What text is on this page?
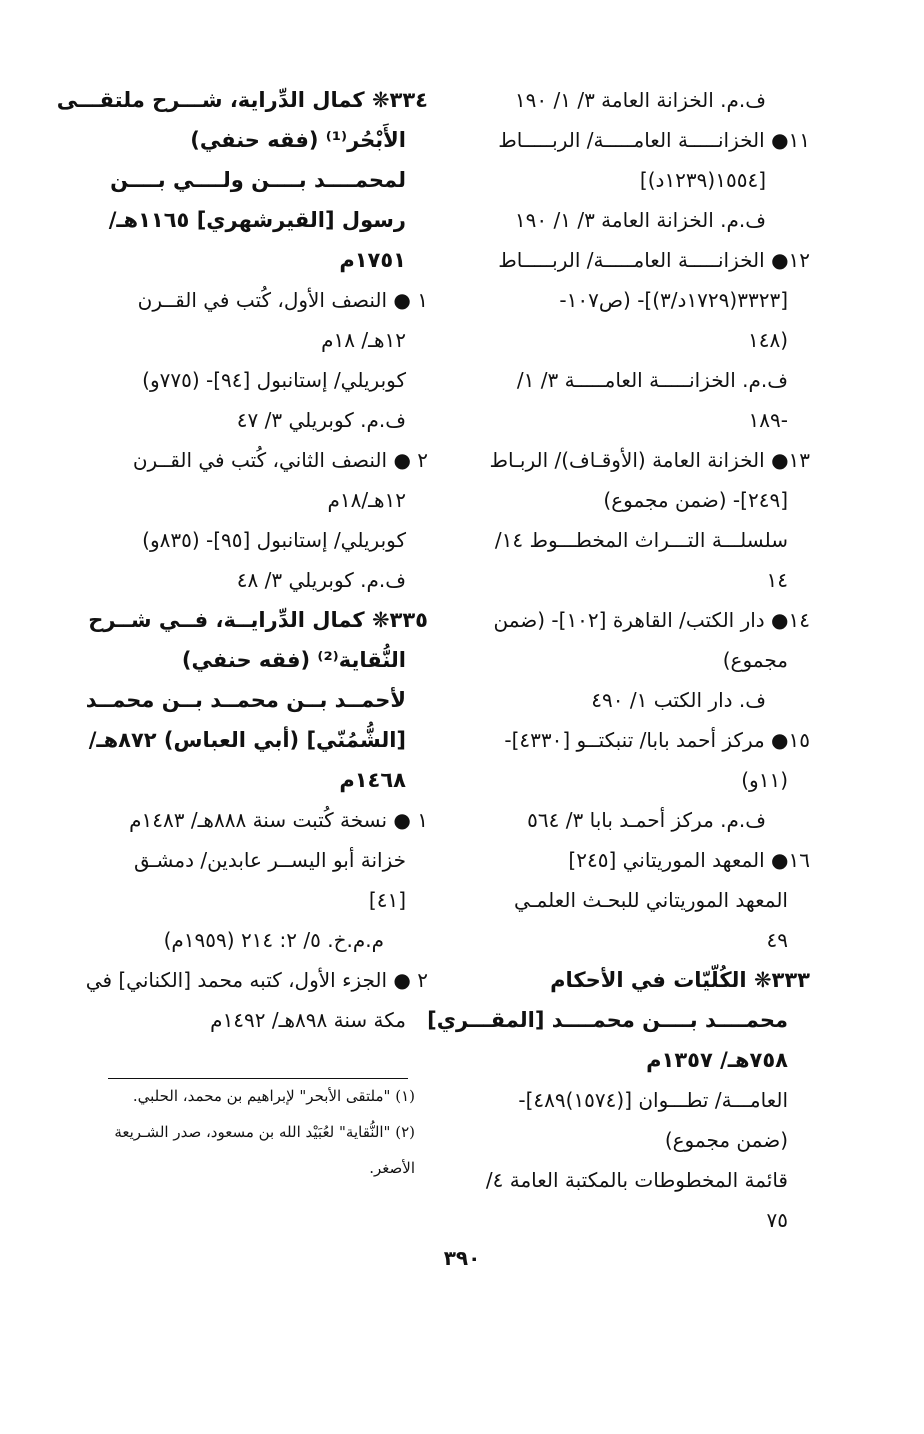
ف.م. الخزانة العامة ٣/ ١/ ١٩٠
١١● الخزانـــــة العامـــــة/ الربـــــاط
[١٥٥٤(١٢٣٩د)]
ف.م. الخزانة العامة ٣/ ١/ ١٩٠
١٢● الخزانـــــة العامـــــة/ الربـــــاط
[٣٣٢٣(١٧٢٩د/٣)]- (ص١٠٧-
١٤٨)
ف.م. الخزانـــــة العامـــــة ٣/ ١/
١٨٩-
١٣● الخزانة العامة (الأوقـاف)/ الربـاط
[٢٤٩]- (ضمن مجموع)
سلسلـــة التـــراث المخطـــوط ١٤/
١٤
١٤● دار الكتب/ القاهرة [١٠٢]- (ضمن
مجموع)
ف. دار الكتب ١/ ٤٩٠
١٥● مركز أحمد بابا/ تنبكتــو [٤٣٣٠]-
(١١و)
ف.م. مركز أحمـد بابا ٣/ ٥٦٤
١٦● المعهد الموريتاني [٢٤٥]
المعهد الموريتاني للبحـث العلمـي
٤٩
٣٣٣❋ الكُلّيّات في الأحكام
محمــــد بــــن محمــــد [المقـــري]
٧٥٨هـ/ ١٣٥٧م
العامـــة/ تطـــوان [(١٥٧٤)٤٨٩]-
(ضمن مجموع)
قائمة المخطوطات بالمكتبة العامة ٤/
٧٥
٣٣٤❋ كمال الدِّراية، شـــرح ملتقـــى
الأَبْحُر⁽¹⁾ (فقه حنفي)
لمحمــــد بــــن ولــــي بــــن
رسول [القيرشهري] ١١٦٥هـ/
١٧٥١م
١ ● النصف الأول، كُتب في القــرن
١٢هـ/ ١٨م
كوبريلي/ إستانبول [٩٤]- (٧٧٥و)
ف.م. كوبريلي ٣/ ٤٧
٢ ● النصف الثاني، كُتب في القــرن
١٢هـ/١٨م
كوبريلي/ إستانبول [٩٥]- (٨٣٥و)
ف.م. كوبريلي ٣/ ٤٨
٣٣٥❋ كمال الدِّرايــة، فــي شــرح
النُّقاية⁽²⁾ (فقه حنفي)
لأحمــد بــن محمــد بــن محمــد
[الشُّمُنّي] (أبي العباس) ٨٧٢هـ/
١٤٦٨م
١ ● نسخة كُتبت سنة ٨٨٨هـ/ ١٤٨٣م
خزانة أبو اليســر عابدين/ دمشـق
[٤١]
م.م.خ. ٥/ ٢: ٢١٤ (١٩٥٩م)
٢ ● الجزء الأول، كتبه محمد [الكناني] في
مكة سنة ٨٩٨هـ/ ١٤٩٢م
(١) "ملتقى الأبحر" لإبراهيم بن محمد، الحلبي.
(٢) "النُّقاية" لعُبَيْد الله بن مسعود، صدر الشـريعة
الأصغر.
٣٩٠
